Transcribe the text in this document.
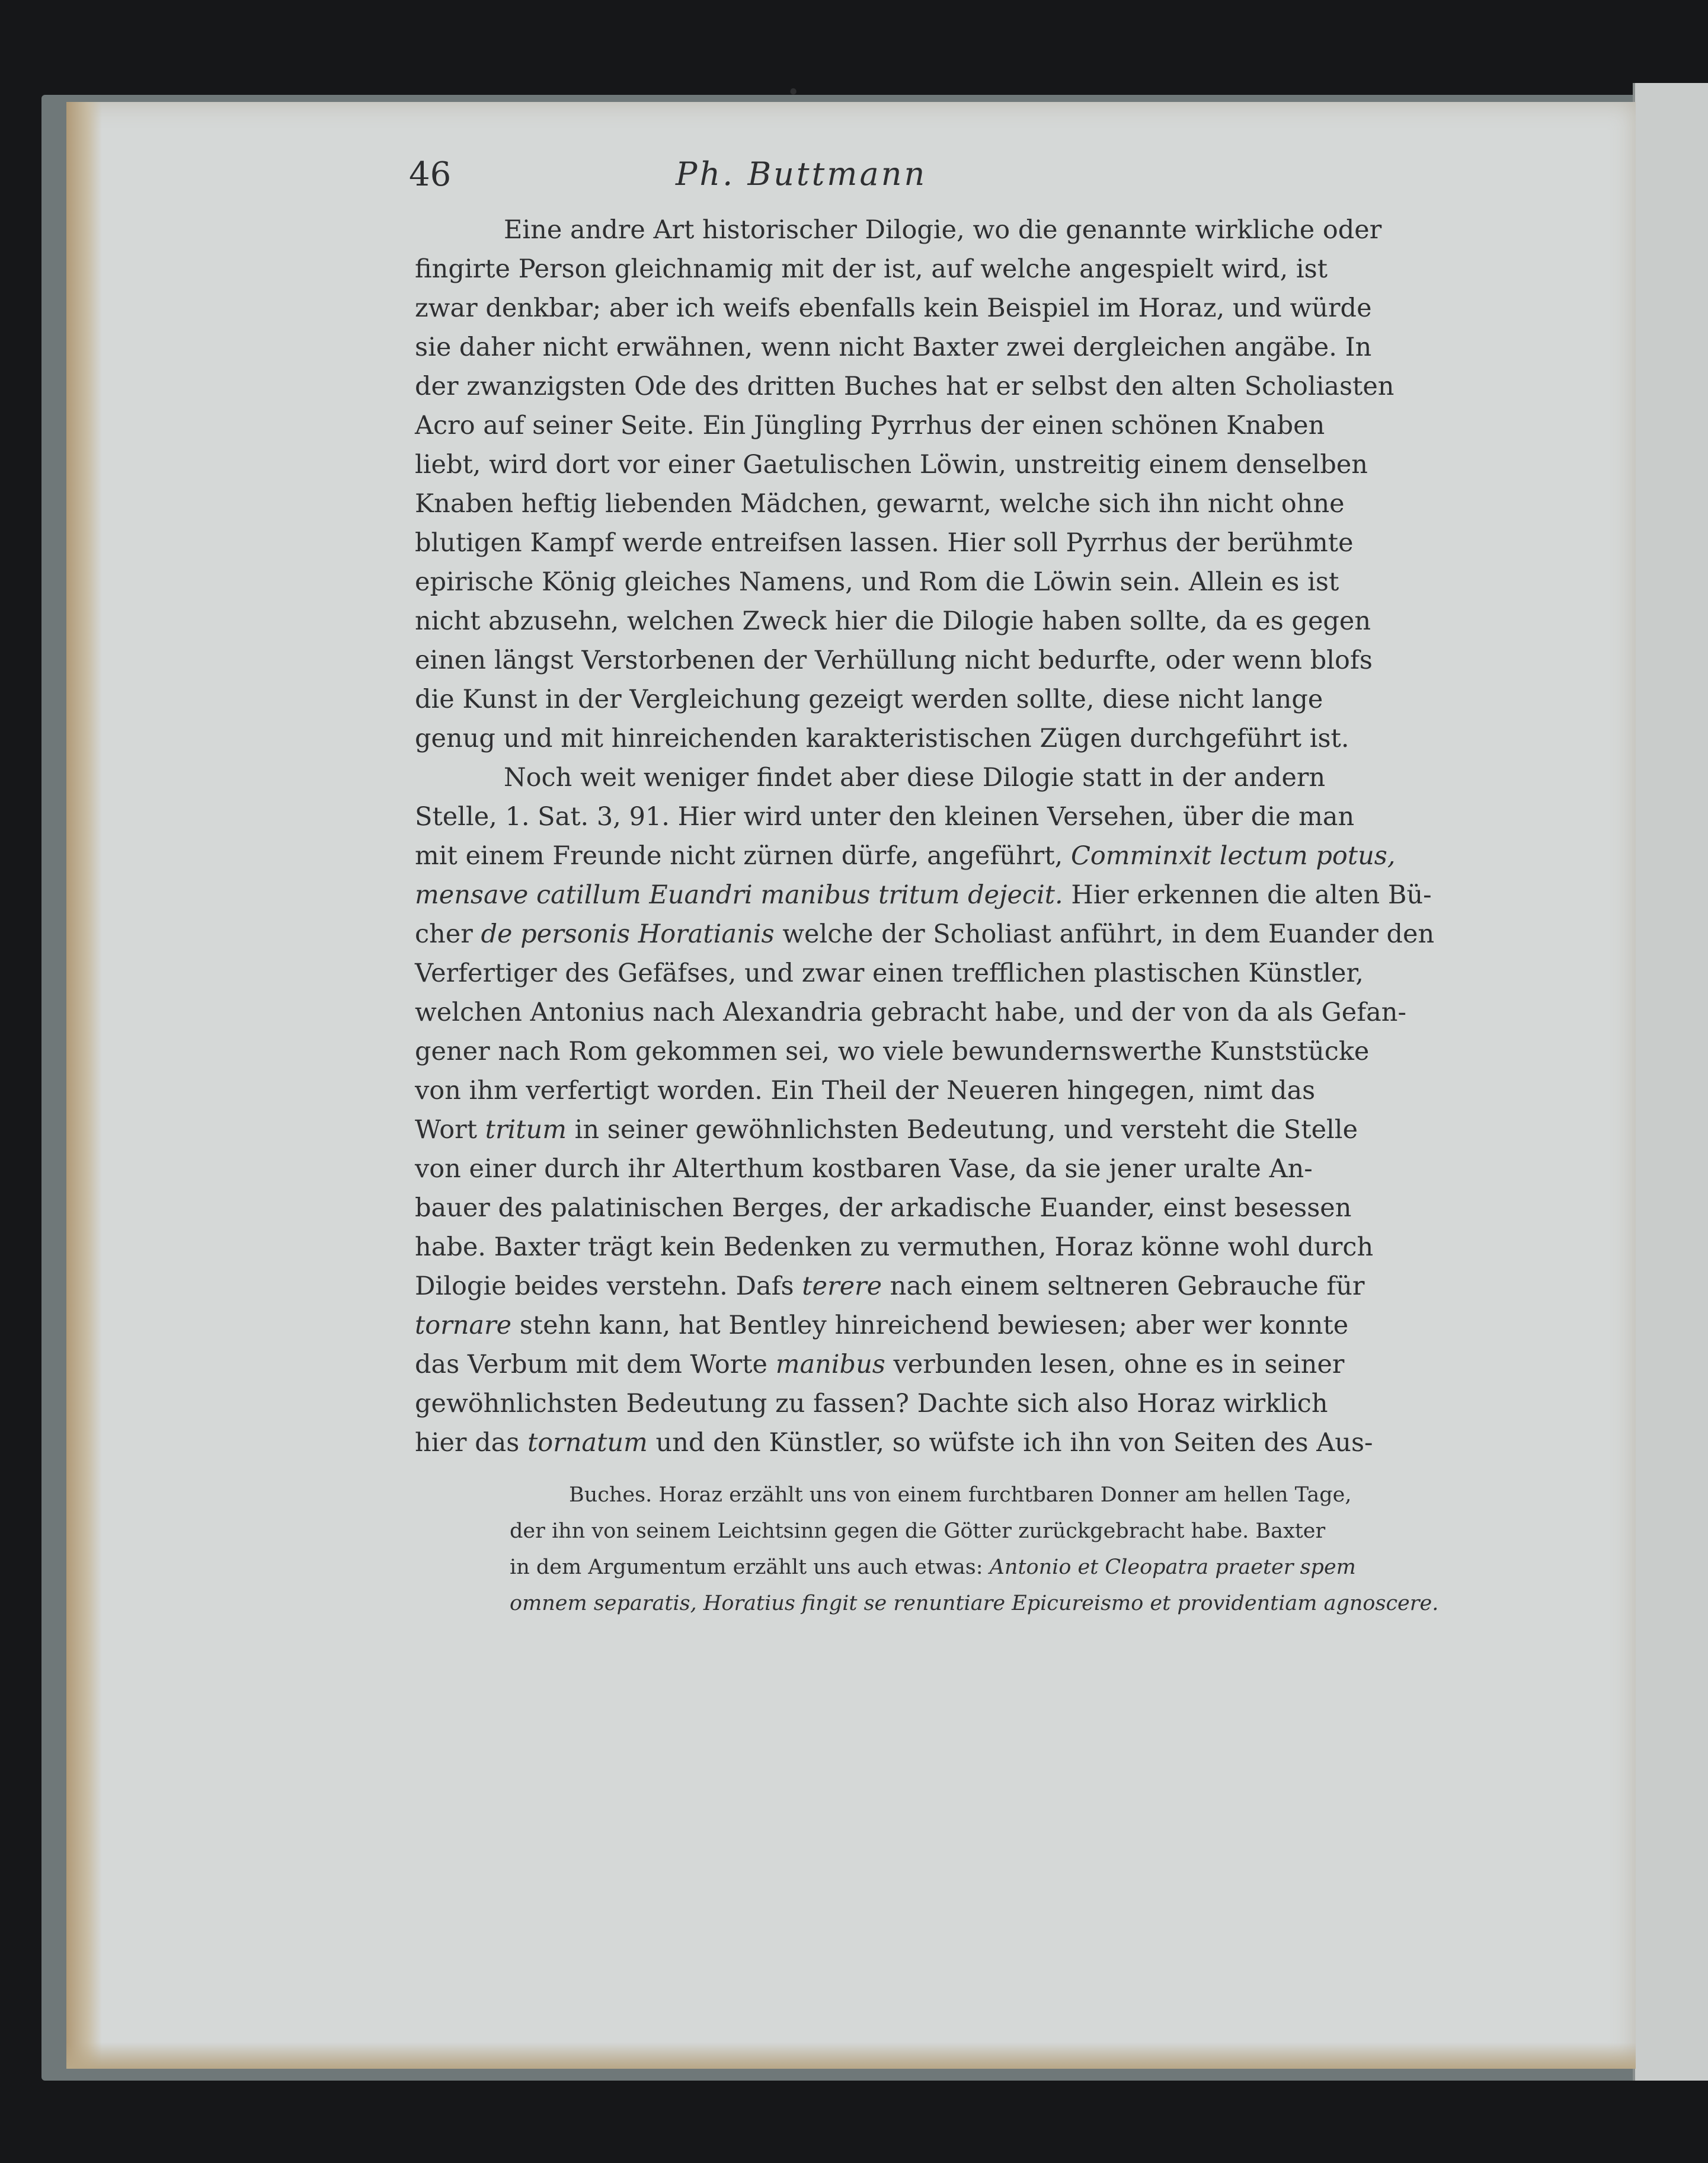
•
46	Ph. Buttmann
Eine andre Art historischer Dilogie, wo die genannte wirkliche oder
fingirte Person gleichnamig mit der ist, auf welche angespielt wird, ist
zwar denkbar; aber ich weifs ebenfalls kein Beispiel im Horaz, und würde
sie daher nicht erwähnen, wenn nicht Baxter zwei dergleichen angäbe. In
der zwanzigsten Ode des dritten Buches hat er selbst den alten Scholiasten
Acro auf seiner Seite. Ein Jüngling Pyrrhus der einen schönen Knaben
liebt, wird dort vor einer Gaetulischen Löwin, unstreitig einem denselben
Knaben heftig liebenden Mädchen, gewarnt, welche sich ihn nicht ohne
blutigen Kampf werde entreifsen lassen. Hier soll Pyrrhus der berühmte
epirische König gleiches Namens, und Rom die Löwin sein. Allein es ist
nicht abzusehn, welchen Zweck hier die Dilogie haben sollte, da es gegen
einen längst Verstorbenen der Verhüllung nicht bedurfte, oder wenn blofs
die Kunst in der Vergleichung gezeigt werden sollte, diese nicht lange
genug und mit hinreichenden karakteristischen Zügen durchgeführt ist.
Noch weit weniger findet aber diese Dilogie statt in der andern
Stelle, 1. Sat. 3, 91. Hier wird unter den kleinen Versehen, über die man
mit einem Freunde nicht zürnen dürfe, angeführt, Comminxit lectum potus,
mensave catillum Euandri manibus tritum dejecit. Hier erkennen die alten Bü-
cher de personis Horatianis welche der Scholiast anführt, in dem Euander den
Verfertiger des Gefäfses, und zwar einen trefflichen plastischen Künstler,
welchen Antonius nach Alexandria gebracht habe, und der von da als Gefan-
gener nach Rom gekommen sei, wo viele bewundernswerthe Kunststücke
von ihm verfertigt worden. Ein Theil der Neueren hingegen, nimt das
Wort tritum in seiner gewöhnlichsten Bedeutung, und versteht die Stelle
von einer durch ihr Alterthum kostbaren Vase, da sie jener uralte An-
bauer des palatinischen Berges, der arkadische Euander, einst besessen
habe. Baxter trägt kein Bedenken zu vermuthen, Horaz könne wohl durch
Dilogie beides verstehn. Dafs terere nach einem seltneren Gebrauche für
tornare stehn kann, hat Bentley hinreichend bewiesen; aber wer konnte
das Verbum mit dem Worte manibus verbunden lesen, ohne es in seiner
gewöhnlichsten Bedeutung zu fassen? Dachte sich also Horaz wirklich
hier das tornatum und den Künstler, so wüfste ich ihn von Seiten des Aus-
Buches. Horaz erzählt uns von einem furchtbaren Donner am hellen Tage,
der ihn von seinem Leichtsinn gegen die Götter zurückgebracht habe. Baxter
in dem Argumentum erzählt uns auch etwas: Antonio et Cleopatra praeter spem
omnem separatis, Horatius fingit se renuntiare Epicureismo et providentiam agnoscere.
